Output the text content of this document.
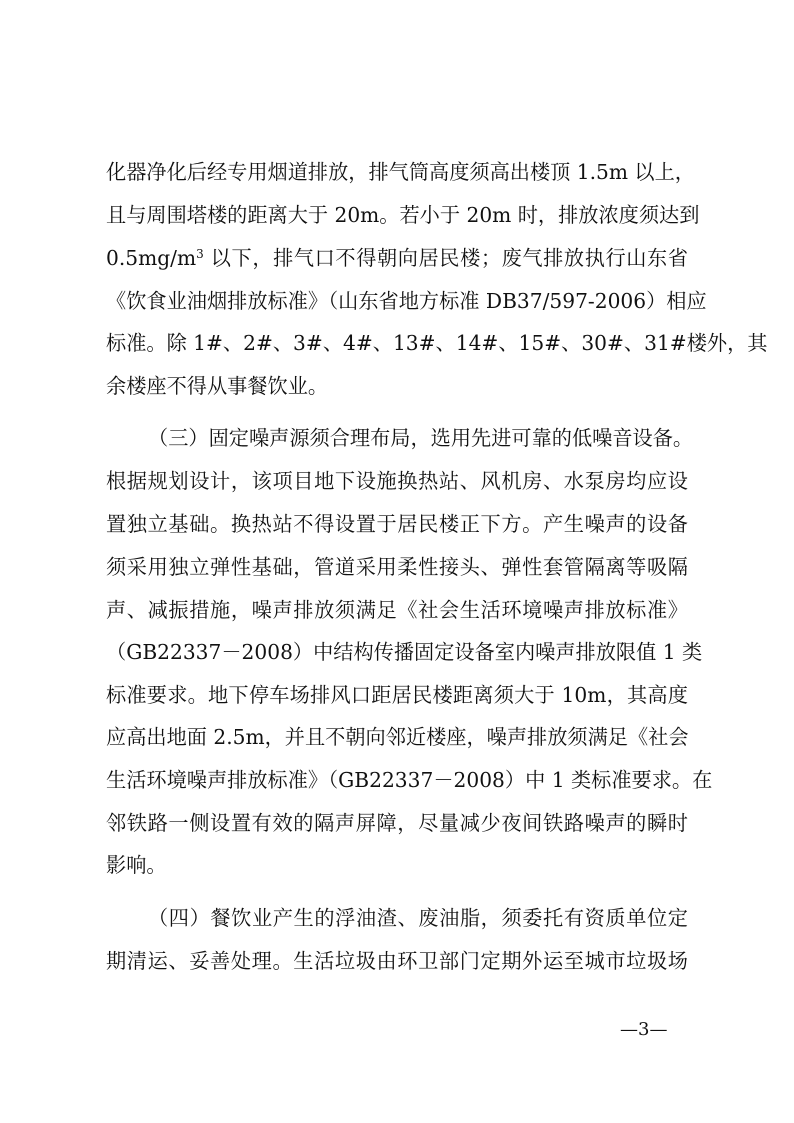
化器净化后经专用烟道排放，排气筒高度须高出楼顶 1.5m 以上，
且与周围塔楼的距离大于 20m。若小于 20m 时，排放浓度须达到
$0.5mg/m^3$ 以下，排气口不得朝向居民楼；废气排放执行山东省
《饮食业油烟排放标准》（山东省地方标准 DB37/597-2006）相应
标准。除 1#、2#、3#、4#、13#、14#、15#、30#、31#楼外，其
余楼座不得从事餐饮业。
（三）固定噪声源须合理布局，选用先进可靠的低噪音设备。
根据规划设计，该项目地下设施换热站、风机房、水泵房均应设
置独立基础。换热站不得设置于居民楼正下方。产生噪声的设备
须采用独立弹性基础，管道采用柔性接头、弹性套管隔离等吸隔
声、减振措施，噪声排放须满足《社会生活环境噪声排放标准》
（GB22337－2008）中结构传播固定设备室内噪声排放限值 1 类
标准要求。地下停车场排风口距居民楼距离须大于 10m，其高度
应高出地面 2.5m，并且不朝向邻近楼座，噪声排放须满足《社会
生活环境噪声排放标准》（GB22337－2008）中 1 类标准要求。在
邻铁路一侧设置有效的隔声屏障，尽量减少夜间铁路噪声的瞬时
影响。
（四）餐饮业产生的浮油渣、废油脂，须委托有资质单位定
期清运、妥善处理。生活垃圾由环卫部门定期外运至城市垃圾场
—3—
